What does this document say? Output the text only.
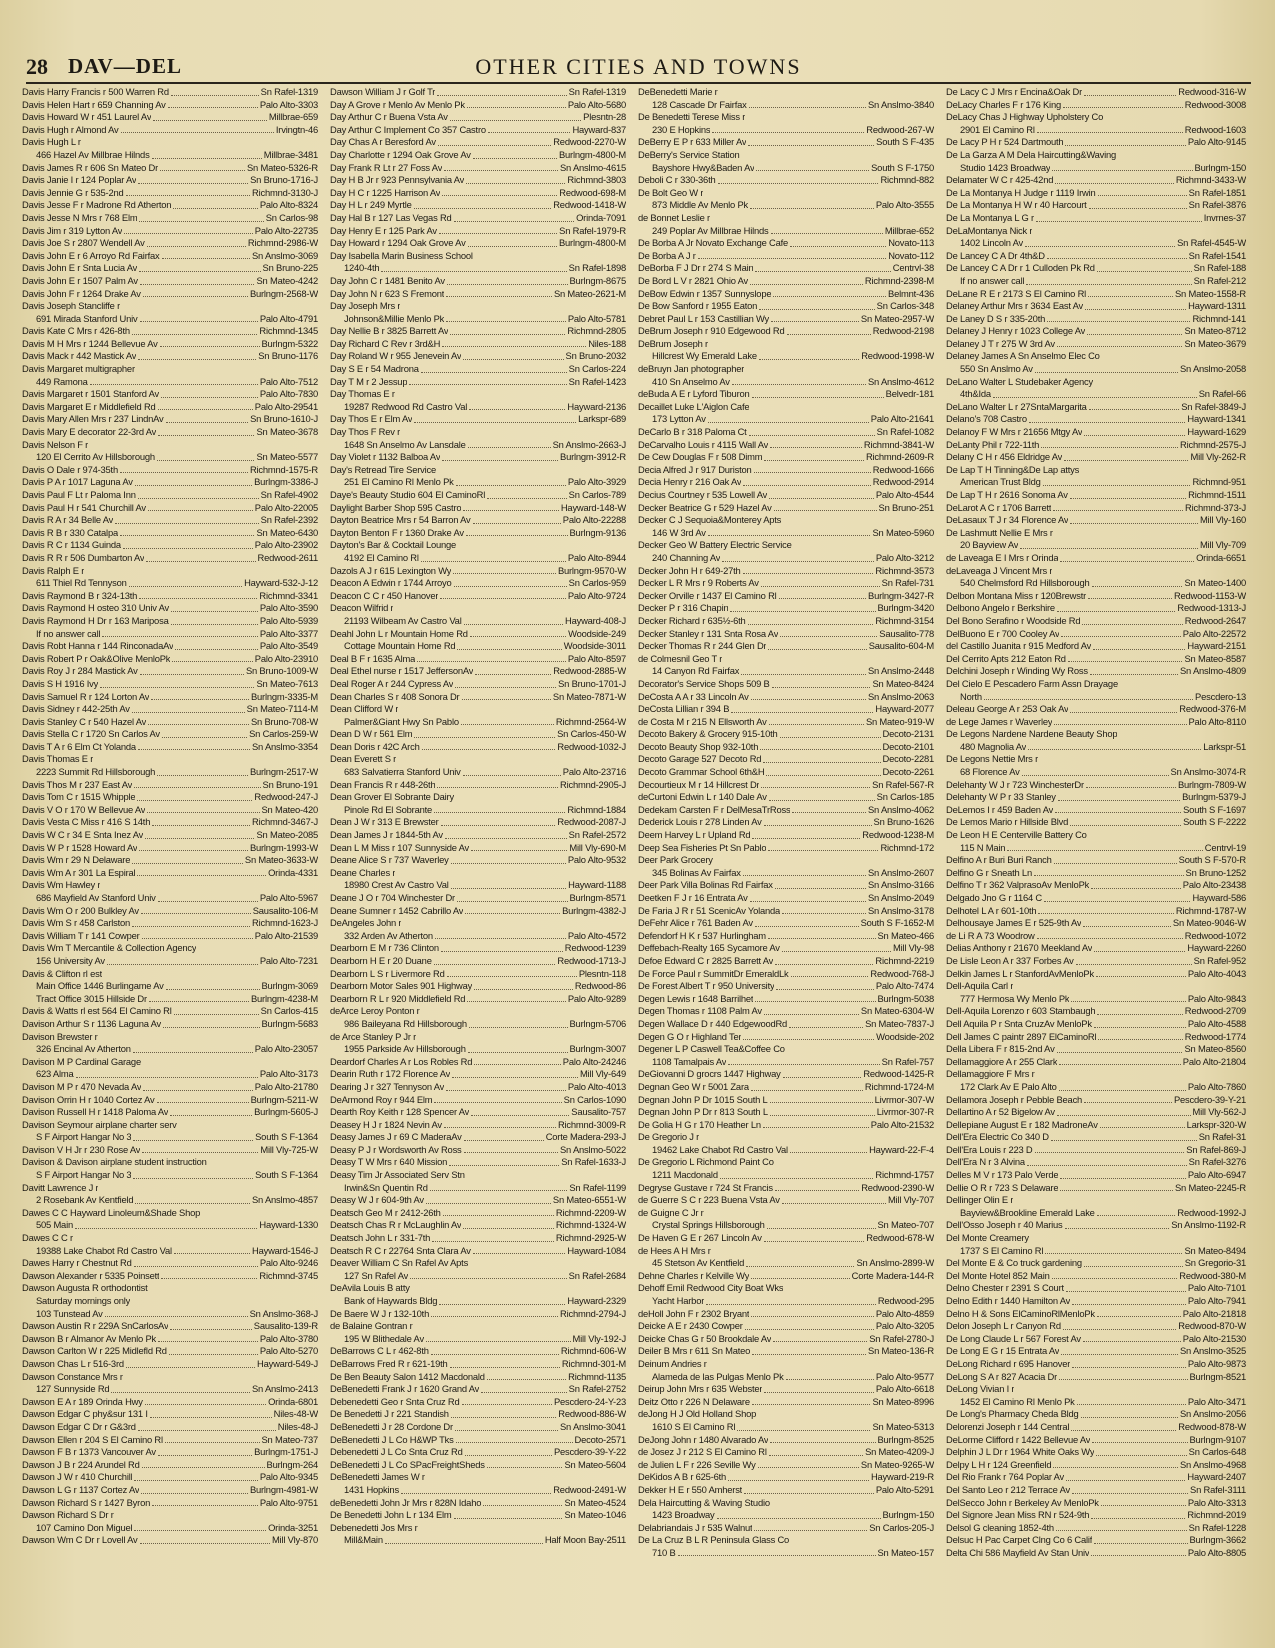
28 DAV—DEL	OTHER CITIES AND TOWNS
Davis Harry Francis r 500 Warren Rd	Sn Rafel-1319
Davis Helen Hart r 659 Channing Av	Palo Alto-3303
Davis Howard W r 451 Laurel Av	Millbrae-659
Davis Hugh r Almond Av	Irvingtn-46
Davis Hugh L r
466 Hazel Av Millbrae Hilnds	Millbrae-3481
Davis James R r 606 Sn Mateo Dr	Sn Mateo-5326-R
Davis Janie I r 124 Poplar Av	Sn Bruno-1716-J
Davis Jennie G r 535-2nd	Richmnd-3130-J
Davis Jesse F r Madrone Rd Atherton	Palo Alto-8324
Davis Jesse N Mrs r 768 Elm	Sn Carlos-98
Davis Jim r 319 Lytton Av	Palo Alto-22735
Davis Joe S r 2807 Wendell Av	Richmnd-2986-W
Davis John E r 6 Arroyo Rd Fairfax	Sn Anslmo-3069
Davis John E r Snta Lucia Av	Sn Bruno-225
Davis John E r 1507 Palm Av	Sn Mateo-4242
Davis John F r 1264 Drake Av	Burlngm-2568-W
Davis Joseph Stancliffe r
691 Mirada Stanford Univ	Palo Alto-4791
Davis Kate C Mrs r 426-8th	Richmnd-1345
Davis M H Mrs r 1244 Bellevue Av	Burlngm-5322
Davis Mack r 442 Mastick Av	Sn Bruno-1176
Davis Margaret multigrapher
449 Ramona	Palo Alto-7512
Davis Margaret r 1501 Stanford Av	Palo Alto-7830
Davis Margaret E r Middlefield Rd	Palo Alto-29541
Davis Mary Allen Mrs r 237 LindnAv	Sn Bruno-1610-J
Davis Mary E decorator 22-3rd Av	Sn Mateo-3678
Davis Nelson F r
120 El Cerrito Av Hillsborough	Sn Mateo-5577
Davis O Dale r 974-35th	Richmnd-1575-R
Davis P A r 1017 Laguna Av	Burlngm-3386-J
Davis Paul F Lt r Paloma Inn	Sn Rafel-4902
Davis Paul H r 541 Churchill Av	Palo Alto-22005
Davis R A r 34 Belle Av	Sn Rafel-2392
Davis R B r 330 Catalpa	Sn Mateo-6430
Davis R C r 1134 Guinda	Palo Alto-23902
Davis R R r 506 Dumbarton Av	Redwood-2611
Davis Ralph E r
611 Thiel Rd Tennyson	Hayward-532-J-12
Davis Raymond B r 324-13th	Richmnd-3341
Davis Raymond H osteo 310 Univ Av	Palo Alto-3590
Davis Raymond H Dr r 163 Mariposa	Palo Alto-5939
If no answer call	Palo Alto-3377
Davis Robt Hanna r 144 RinconadaAv	Palo Alto-3549
Davis Robert P r Oak&Olive MenloPk	Palo Alto-23910
Davis Roy J r 284 Mastick Av	Sn Bruno-1009-W
Davis S H 1916 Ivy	Sn Mateo-7613
Davis Samuel R r 124 Lorton Av	Burlngm-3335-M
Davis Sidney r 442-25th Av	Sn Mateo-7114-M
Davis Stanley C r 540 Hazel Av	Sn Bruno-708-W
Davis Stella C r 1720 Sn Carlos Av	Sn Carlos-259-W
Davis T A r 6 Elm Ct Yolanda	Sn Anslmo-3354
Davis Thomas E r
2223 Summit Rd Hillsborough	Burlngm-2517-W
Davis Thos M r 237 East Av	Sn Bruno-191
Davis Tom C r 1515 Whipple	Redwood-247-J
Davis V O r 170 W Bellevue Av	Sn Mateo-420
Davis Vesta C Miss r 416 S 14th	Richmnd-3467-J
Davis W C r 34 E Snta Inez Av	Sn Mateo-2085
Davis W P r 1528 Howard Av	Burlngm-1993-W
Davis Wm r 29 N Delaware	Sn Mateo-3633-W
Davis Wm A r 301 La Espiral	Orinda-4331
Davis Wm Hawley r
686 Mayfield Av Stanford Univ	Palo Alto-5967
Davis Wm O r 200 Bulkley Av	Sausalito-106-M
Davis Wm S r 458 Carlston	Richmnd-1623-J
Davis William T r 141 Cowper	Palo Alto-21539
Davis Wm T Mercantile & Collection Agency
156 University Av	Palo Alto-7231
Davis & Clifton rl est
Main Office 1446 Burlingame Av	Burlngm-3069
Tract Office 3015 Hillside Dr	Burlngm-4238-M
Davis & Watts rl est 564 El Camino Rl	Sn Carlos-415
Davison Arthur S r 1136 Laguna Av	Burlngm-5683
Davison Brewster r
326 Encinal Av Atherton	Palo Alto-23057
Davison M P Cardinal Garage
623 Alma	Palo Alto-3173
Davison M P r 470 Nevada Av	Palo Alto-21780
Davison Orrin H r 1040 Cortez Av	Burlngm-5211-W
Davison Russell H r 1418 Paloma Av	Burlngm-5605-J
Davison Seymour airplane charter serv
S F Airport Hangar No 3	South S F-1364
Davison V H Jr r 230 Rose Av	Mill Vly-725-W
Davison & Davison airplane student instruction
S F Airport Hangar No 3	South S F-1364
Davitt Lawrence J r
2 Rosebank Av Kentfield	Sn Anslmo-4857
Dawes C C Hayward Linoleum&Shade Shop
505 Main	Hayward-1330
Dawes C C r
19388 Lake Chabot Rd Castro Val	Hayward-1546-J
Dawes Harry r Chestnut Rd	Palo Alto-9246
Dawson Alexander r 5335 Poinsett	Richmnd-3745
Dawson Augusta R orthodontist
Saturday mornings only
103 Tunstead Av	Sn Anslmo-368-J
Dawson Austin R r 229A SnCarlosAv	Sausalito-139-R
Dawson B r Almanor Av Menlo Pk	Palo Alto-3780
Dawson Carlton W r 225 Midlefld Rd	Palo Alto-5270
Dawson Chas L r 516-3rd	Hayward-549-J
Dawson Constance Mrs r
127 Sunnyside Rd	Sn Anslmo-2413
Dawson E A r 189 Orinda Hwy	Orinda-6801
Dawson Edgar C phy&sur 131 I	Niles-48-W
Dawson Edgar C Dr r G&3rd	Niles-48-J
Dawson Ellen r 204 S El Camino Rl	Sn Mateo-737
Dawson F B r 1373 Vancouver Av	Burlngm-1751-J
Dawson J B r 224 Arundel Rd	Burlngm-264
Dawson J W r 410 Churchill	Palo Alto-9345
Dawson L G r 1137 Cortez Av	Burlngm-4981-W
Dawson Richard S r 1427 Byron	Palo Alto-9751
Dawson Richard S Dr r
107 Camino Don Miguel	Orinda-3251
Dawson Wm C Dr r Lovell Av	Mill Vly-870
Dawson William J r Golf Tr	Sn Rafel-1319
Day A Grove r Menlo Av Menlo Pk	Palo Alto-5680
Day Arthur C r Buena Vsta Av	Plesntn-28
Day Arthur C Implement Co 357 Castro	Hayward-837
Day Chas A r Beresford Av	Redwood-2270-W
Day Charlotte r 1294 Oak Grove Av	Burlngm-4800-M
Day Frank R Lt r 27 Foss Av	Sn Anslmo-4615
Day H B Jr r 923 Pennsylvania Av	Richmnd-3803
Day H C r 1225 Harrison Av	Redwood-698-M
Day H L r 249 Myrtle	Redwood-1418-W
Day Hal B r 127 Las Vegas Rd	Orinda-7091
Day Henry E r 125 Park Av	Sn Rafel-1979-R
Day Howard r 1294 Oak Grove Av	Burlngm-4800-M
Day Isabella Marin Business School
1240-4th	Sn Rafel-1898
Day John C r 1481 Benito Av	Burlngm-8675
Day John N r 623 S Fremont	Sn Mateo-2621-M
Day Joseph Mrs r
Johnson&Millie Menlo Pk	Palo Alto-5781
Day Nellie B r 3825 Barrett Av	Richmnd-2805
Day Richard C Rev r 3rd&H	Niles-188
Day Roland W r 955 Jenevein Av	Sn Bruno-2032
Day S E r 54 Madrona	Sn Carlos-224
Day T M r 2 Jessup	Sn Rafel-1423
Day Thomas E r
19287 Redwood Rd Castro Val	Hayward-2136
Day Thos E r Elm Av	Larkspr-689
Day Thos F Rev r
1648 Sn Anselmo Av Lansdale	Sn Anslmo-2663-J
Day Violet r 1132 Balboa Av	Burlngm-3912-R
Day's Retread Tire Service
251 El Camino Rl Menlo Pk	Palo Alto-3929
Daye's Beauty Studio 604 El CaminoRl	Sn Carlos-789
Daylight Barber Shop 595 Castro	Hayward-148-W
Dayton Beatrice Mrs r 54 Barron Av	Palo Alto-22288
Dayton Benton F r 1360 Drake Av	Burlngm-9136
Dayton's Bar & Cocktail Lounge
4192 El Camino Rl	Palo Alto-8944
Dazols A J r 615 Lexington Wy	Burlngm-9570-W
Deacon A Edwin r 1744 Arroyo	Sn Carlos-959
Deacon C C r 450 Hanover	Palo Alto-9724
Deacon Wilfrid r
21193 Wilbeam Av Castro Val	Hayward-408-J
Deahl John L r Mountain Home Rd	Woodside-249
Cottage Mountain Home Rd	Woodside-3011
Deal B F r 1635 Alma	Palo Alto-8597
Deal Ethel nurse r 1517 JeffersonAv	Redwood-2885-W
Deal Roger A r 244 Cypress Av	Sn Bruno-1701-J
Dean Charles S r 408 Sonora Dr	Sn Mateo-7871-W
Dean Clifford W r
Palmer&Giant Hwy Sn Pablo	Richmnd-2564-W
Dean D W r 561 Elm	Sn Carlos-450-W
Dean Doris r 42C Arch	Redwood-1032-J
Dean Everett S r
683 Salvatierra Stanford Univ	Palo Alto-23716
Dean Francis R r 448-26th	Richmnd-2905-J
Dean Grover El Sobrante Dairy
Pinole Rd El Sobrante	Richmnd-1884
Dean J W r 313 E Brewster	Redwood-2087-J
Dean James J r 1844-5th Av	Sn Rafel-2572
Dean L M Miss r 107 Sunnyside Av	Mill Vly-690-M
Deane Alice S r 737 Waverley	Palo Alto-9532
Deane Charles r
18980 Crest Av Castro Val	Hayward-1188
Deane J O r 704 Winchester Dr	Burlngm-8571
Deane Sumner r 1452 Cabrillo Av	Burlngm-4382-J
DeAngeles John r
332 Arden Av Atherton	Palo Alto-4572
Dearborn E M r 736 Clinton	Redwood-1239
Dearborn H E r 20 Duane	Redwood-1713-J
Dearborn L S r Livermore Rd	Plesntn-118
Dearborn Motor Sales 901 Highway	Redwood-86
Dearborn R L r 920 Middlefield Rd	Palo Alto-9289
deArce Leroy Ponton r
986 Baileyana Rd Hillsborough	Burlngm-5706
de Arce Stanley P Jr r
1955 Parkside Av Hillsborough	Burlngm-3007
Deardorf Charles A r Los Robles Rd	Palo Alto-24246
Dearin Ruth r 172 Florence Av	Mill Vly-649
Dearing J r 327 Tennyson Av	Palo Alto-4013
DeArmond Roy r 944 Elm	Sn Carlos-1090
Dearth Roy Keith r 128 Spencer Av	Sausalito-757
Deasey H J r 1824 Nevin Av	Richmnd-3009-R
Deasy James J r 69 C MaderaAv	Corte Madera-293-J
Deasy P J r Wordsworth Av Ross	Sn Anslmo-5022
Deasy T W Mrs r 640 Mission	Sn Rafel-1633-J
Deasy Tim Jr Associated Serv Stn
Irwin&Sn Quentin Rd	Sn Rafel-1199
Deasy W J r 604-9th Av	Sn Mateo-6551-W
Deatsch Geo M r 2412-26th	Richmnd-2209-W
Deatsch Chas R r McLaughlin Av	Richmnd-1324-W
Deatsch John L r 331-7th	Richmnd-2925-W
Deatsch R C r 22764 Snta Clara Av	Hayward-1084
Deaver William C Sn Rafel Av Apts
127 Sn Rafel Av	Sn Rafel-2684
DeAvila Louis B atty
Bank of Haywards Bldg	Hayward-2329
De Baere W J r 132-10th	Richmnd-2794-J
de Balaine Gontran r
195 W Blithedale Av	Mill Vly-192-J
DeBarrows C L r 462-8th	Richmnd-606-W
DeBarrows Fred R r 621-19th	Richmnd-301-M
De Ben Beauty Salon 1412 Macdonald	Richmnd-1135
DeBenedetti Frank J r 1620 Grand Av	Sn Rafel-2752
Debenedetti Geo r Snta Cruz Rd	Pescdero-24-Y-23
De Benedetti J r 221 Standish	Redwood-886-W
DeBenedetti J r 28 Cordone Dr	Sn Anslmo-3041
DeBenedetti J L Co H&WP Tks	Decoto-2571
Debenedetti J L Co Snta Cruz Rd	Pescdero-39-Y-22
DeBenedetti J L Co SPacFreightSheds	Sn Mateo-5604
DeBenedetti James W r
1431 Hopkins	Redwood-2491-W
deBenedetti John Jr Mrs r 828N Idaho	Sn Mateo-4524
De Benedetti John L r 134 Elm	Sn Mateo-1046
Debenedetti Jos Mrs r
Mill&Main	Half Moon Bay-2511
DeBenedetti Marie r
128 Cascade Dr Fairfax	Sn Anslmo-3840
De Benedetti Terese Miss r
230 E Hopkins	Redwood-267-W
DeBerry E P r 633 Miller Av	South S F-435
DeBerry's Service Station
Bayshore Hwy&Baden Av	South S F-1750
Deboli C r 330-36th	Richmnd-882
De Bolt Geo W r
873 Middle Av Menlo Pk	Palo Alto-3555
de Bonnet Leslie r
249 Poplar Av Millbrae Hilnds	Millbrae-652
De Borba A Jr Novato Exchange Cafe	Novato-113
De Borba A J r	Novato-112
DeBorba F J Dr r 274 S Main	Centrvl-38
De Bord L V r 2821 Ohio Av	Richmnd-2398-M
DeBow Edwin r 1357 Sunnyslope	Belmnt-436
De Bow Sanford r 1955 Eaton	Sn Carlos-348
Debret Paul L r 153 Castillian Wy	Sn Mateo-2957-W
DeBrum Joseph r 910 Edgewood Rd	Redwood-2198
DeBrum Joseph r
Hillcrest Wy Emerald Lake	Redwood-1998-W
deBruyn Jan photographer
410 Sn Anselmo Av	Sn Anslmo-4612
deBuda A E r Lyford Tiburon	Belvedr-181
Decaillet Luke L'Aiglon Cafe
173 Lytton Av	Palo Alto-21641
DeCarlo B r 318 Paloma Ct	Sn Rafel-1082
DeCarvalho Louis r 4115 Wall Av	Richmnd-3841-W
De Cew Douglas F r 508 Dimm	Richmnd-2609-R
Decia Alfred J r 917 Duriston	Redwood-1666
Decia Henry r 216 Oak Av	Redwood-2914
Decius Courtney r 535 Lowell Av	Palo Alto-4544
Decker Beatrice G r 529 Hazel Av	Sn Bruno-251
Decker C J Sequoia&Monterey Apts
146 W 3rd Av	Sn Mateo-5960
Decker Geo W Battery Electric Service
240 Channing Av	Palo Alto-3212
Decker John H r 649-27th	Richmnd-3573
Decker L R Mrs r 9 Roberts Av	Sn Rafel-731
Decker Orville r 1437 El Camino Rl	Burlngm-3427-R
Decker P r 316 Chapin	Burlngm-3420
Decker Richard r 635½-6th	Richmnd-3154
Decker Stanley r 131 Snta Rosa Av	Sausalito-778
Decker Thomas R r 244 Glen Dr	Sausalito-604-M
de Colmesnil Geo T r
14 Canyon Rd Fairfax	Sn Anslmo-2448
Decorator's Service Shops 509 B	Sn Mateo-8424
DeCosta A A r 33 Lincoln Av	Sn Anslmo-2063
DeCosta Lillian r 394 B	Hayward-2077
de Costa M r 215 N Ellsworth Av	Sn Mateo-919-W
Decoto Bakery & Grocery 915-10th	Decoto-2131
Decoto Beauty Shop 932-10th	Decoto-2101
Decoto Garage 527 Decoto Rd	Decoto-2281
Decoto Grammar School 6th&H	Decoto-2261
Decourtieux M r 14 Hillcrest Dr	Sn Rafel-567-R
deCurtoni Edwin L r 140 Dale Av	Sn Carlos-185
Dedekam Carsten F r DelMesaTrRoss	Sn Anslmo-4062
Dederick Louis r 278 Linden Av	Sn Bruno-1626
Deem Harvey L r Upland Rd	Redwood-1238-M
Deep Sea Fisheries Pt Sn Pablo	Richmnd-172
Deer Park Grocery
345 Bolinas Av Fairfax	Sn Anslmo-2607
Deer Park Villa Bolinas Rd Fairfax	Sn Anslmo-3166
Deetken F J r 16 Entrata Av	Sn Anslmo-2049
De Faria J R r 51 ScenicAv Yolanda	Sn Anslmo-3178
DeFehr Alice r 761 Baden Av	South S F-1652-M
Defendorf H K r 537 Hurlingham	Sn Mateo-466
Deffebach-Realty 165 Sycamore Av	Mill Vly-98
Defoe Edward C r 2825 Barrett Av	Richmnd-2219
De Force Paul r SummitDr EmeraldLk	Redwood-768-J
De Forest Albert T r 950 University	Palo Alto-7474
Degen Lewis r 1648 Barrilhet	Burlngm-5038
Degen Thomas r 1108 Palm Av	Sn Mateo-6304-W
Degen Wallace D r 440 EdgewoodRd	Sn Mateo-7837-J
Degen G O r Highland Ter	Woodside-202
Degener L P Caswell Tea&Coffee Co
1108 Tamalpais Av	Sn Rafel-757
DeGiovanni D grocrs 1447 Highway	Redwood-1425-R
Degnan Geo W r 5001 Zara	Richmnd-1724-M
Degnan John P Dr 1015 South L	Livrmor-307-W
Degnan John P Dr r 813 South L	Livrmor-307-R
De Golia H G r 170 Heather Ln	Palo Alto-21532
De Gregorio J r
19462 Lake Chabot Rd Castro Val	Hayward-22-F-4
De Gregorio L Richmond Paint Co
1211 Macdonald	Richmnd-1757
Degryse Gustave r 724 St Francis	Redwood-2390-W
de Guerre S C r 223 Buena Vsta Av	Mill Vly-707
de Guigne C Jr r
Crystal Springs Hillsborough	Sn Mateo-707
De Haven G E r 267 Lincoln Av	Redwood-678-W
de Hees A H Mrs r
45 Stetson Av Kentfield	Sn Anslmo-2899-W
Dehne Charles r Kelville Wy	Corte Madera-144-R
Dehoff Emil Redwood City Boat Wks
Yacht Harbor	Redwood-295
deHoll John F r 2302 Bryant	Palo Alto-4859
Deicke A E r 2430 Cowper	Palo Alto-3205
Deicke Chas G r 50 Brookdale Av	Sn Rafel-2780-J
Deiler B Mrs r 611 Sn Mateo	Sn Mateo-136-R
Deinum Andries r
Alameda de las Pulgas Menlo Pk	Palo Alto-9577
Deirup John Mrs r 635 Webster	Palo Alto-6618
Deitz Otto r 226 N Delaware	Sn Mateo-8996
deJong H J Old Holland Shop
1610 S El Camino Rl	Sn Mateo-5313
DeJong John r 1480 Alvarado Av	Burlngm-8525
de Josez J r 212 S El Camino Rl	Sn Mateo-4209-J
de Julien L F r 226 Seville Wy	Sn Mateo-9265-W
DeKidos A B r 625-6th	Hayward-219-R
Dekker H E r 550 Amherst	Palo Alto-5291
Dela Haircutting & Waving Studio
1423 Broadway	Burlngm-150
Delabriandais J r 535 Walnut	Sn Carlos-205-J
De La Cruz B L R Peninsula Glass Co
710 B	Sn Mateo-157
De Lacy C J Mrs r Encina&Oak Dr	Redwood-316-W
DeLacy Charles F r 176 King	Redwood-3008
DeLacy Chas J Highway Upholstery Co
2901 El Camino Rl	Redwood-1603
De Lacy P H r 524 Dartmouth	Palo Alto-9145
De La Garza A M Dela Haircutting&Waving
Studio 1423 Broadway	Burlngm-150
Delamater W C r 425-42nd	Richmnd-3433-W
De La Montanya H Judge r 1119 Irwin	Sn Rafel-1851
De La Montanya H W r 40 Harcourt	Sn Rafel-3876
De La Montanya L G r	Invrnes-37
DeLaMontanya Nick r
1402 Lincoln Av	Sn Rafel-4545-W
De Lancey C A Dr 4th&D	Sn Rafel-1541
De Lancey C A Dr r 1 Culloden Pk Rd	Sn Rafel-188
If no answer call	Sn Rafel-212
DeLane R E r 2173 S El Camino Rl	Sn Mateo-1558-R
Delaney Arthur Mrs r 3634 East Av	Hayward-1311
De Laney D S r 335-20th	Richmnd-141
Delaney J Henry r 1023 College Av	Sn Mateo-8712
Delaney J T r 275 W 3rd Av	Sn Mateo-3679
Delaney James A Sn Anselmo Elec Co
550 Sn Anslmo Av	Sn Anslmo-2058
DeLano Walter L Studebaker Agency
4th&Ida	Sn Rafel-66
DeLano Walter L r 27SntaMargarita	Sn Rafel-3849-J
Delano's 708 Castro	Hayward-1341
Delanoy F W Mrs r 21656 Mtgy Av	Hayward-1629
DeLanty Phil r 722-11th	Richmnd-2575-J
Delany C H r 456 Eldridge Av	Mill Vly-262-R
De Lap T H Tinning&De Lap attys
American Trust Bldg	Richmnd-951
De Lap T H r 2616 Sonoma Av	Richmnd-1511
DeLarot A C r 1706 Barrett	Richmnd-373-J
DeLasaux T J r 34 Florence Av	Mill Vly-160
De Lashmutt Nellie E Mrs r
20 Bayview Av	Mill Vly-709
de Laveaga E I Mrs r Orinda	Orinda-6651
deLaveaga J Vincent Mrs r
540 Chelmsford Rd Hillsborough	Sn Mateo-1400
Delbon Montana Miss r 120Brewstr	Redwood-1153-W
Delbono Angelo r Berkshire	Redwood-1313-J
Del Bono Serafino r Woodside Rd	Redwood-2647
DelBuono E r 700 Cooley Av	Palo Alto-22572
del Castillo Juanita r 915 Medford Av	Hayward-2151
Del Cerrito Apts 212 Eaton Rd	Sn Mateo-8587
Delchini Joseph r Winding Wy Ross	Sn Anslmo-4809
Del Cielo E Pescadero Farm Assn Drayage
North	Pescdero-13
Deleau George A r 253 Oak Av	Redwood-376-M
de Lege James r Waverley	Palo Alto-8110
De Legons Nardene Nardene Beauty Shop
480 Magnolia Av	Larkspr-51
De Legons Nettie Mrs r
68 Florence Av	Sn Anslmo-3074-R
Delehanty W J r 723 WinchesterDr	Burlngm-7809-W
Delehanty W P r 33 Stanley	Burlngm-5379-J
DeLemos I r 459 Baden Av	South S F-1697
De Lemos Mario r Hillside Blvd	South S F-2222
De Leon H E Centerville Battery Co
115 N Main	Centrvl-19
Delfino A r Buri Buri Ranch	South S F-570-R
Delfino G r Sneath Ln	Sn Bruno-1252
Delfino T r 362 ValprasoAv MenloPk	Palo Alto-23438
Delgado Jno G r 1164 C	Hayward-586
Delhotel L A r 601-10th	Richmnd-1787-W
Delhousaye James E r 525-9th Av	Sn Mateo-9046-W
de Li R A 73 Woodrow	Redwood-1072
Delias Anthony r 21670 Meekland Av	Hayward-2260
De Lisle Leon A r 337 Forbes Av	Sn Rafel-952
Delkin James L r StanfordAvMenloPk	Palo Alto-4043
Dell-Aquila Carl r
777 Hermosa Wy Menlo Pk	Palo Alto-9843
Dell-Aquila Lorenzo r 603 Stambaugh	Redwood-2709
Dell Aquila P r Snta CruzAv MenloPk	Palo Alto-4588
Dell James C paintr 2897 ElCaminoRl	Redwood-1774
Della Libera F r 815-2nd Av	Sn Mateo-8560
Dellamaggiore A r 255 Clark	Palo Alto-21804
Dellamaggiore F Mrs r
172 Clark Av E Palo Alto	Palo Alto-7860
Dellamora Joseph r Pebble Beach	Pescdero-39-Y-21
Dellartino A r 52 Bigelow Av	Mill Vly-562-J
Dellepiane August E r 182 MadroneAv	Larkspr-320-W
Dell'Era Electric Co 340 D	Sn Rafel-31
Dell'Era Louis r 223 D	Sn Rafel-869-J
Dell'Era N r 3 Alvina	Sn Rafel-3276
Delles M V r 173 Palo Verde	Palo Alto-6947
Dellie O R r 723 S Delaware	Sn Mateo-2245-R
Dellinger Olin E r
Bayview&Brookline Emerald Lake	Redwood-1992-J
Dell'Osso Joseph r 40 Marius	Sn Anslmo-1192-R
Del Monte Creamery
1737 S El Camino Rl	Sn Mateo-8494
Del Monte E & Co truck gardening	Sn Gregorio-31
Del Monte Hotel 852 Main	Redwood-380-M
Delno Chester r 2391 S Court	Palo Alto-7101
Delno Edith r 1440 Hamilton Av	Palo Alto-7941
Delno H & Sons ElCaminoRlMenloPk	Palo Alto-21818
Delon Joseph L r Canyon Rd	Redwood-870-W
De Long Claude L r 567 Forest Av	Palo Alto-21530
De Long E G r 15 Entrata Av	Sn Anslmo-3525
DeLong Richard r 695 Hanover	Palo Alto-9873
DeLong S A r 827 Acacia Dr	Burlngm-8521
DeLong Vivian I r
1452 El Camino Rl Menlo Pk	Palo Alto-3471
De Long's Pharmacy Cheda Bldg	Sn Anslmo-2056
Delorenzi Joseph r 144 Central	Redwood-878-W
DeLorme Clifford r 1422 Bellevue Av	Burlngm-9107
Delphin J L Dr r 1964 White Oaks Wy	Sn Carlos-648
Delpy L H r 124 Greenfield	Sn Anslmo-4968
Del Rio Frank r 764 Poplar Av	Hayward-2407
Del Santo Leo r 212 Terrace Av	Sn Rafel-3111
DelSecco John r Berkeley Av MenloPk	Palo Alto-3313
Del Signore Jean Miss RN r 524-9th	Richmnd-2019
Delsol G cleaning 1852-4th	Sn Rafel-1228
Delsuc H Pac Carpet Clng Co 6 Calif	Burlngm-3662
Delta Chi 586 Mayfield Av Stan Univ	Palo Alto-8805
